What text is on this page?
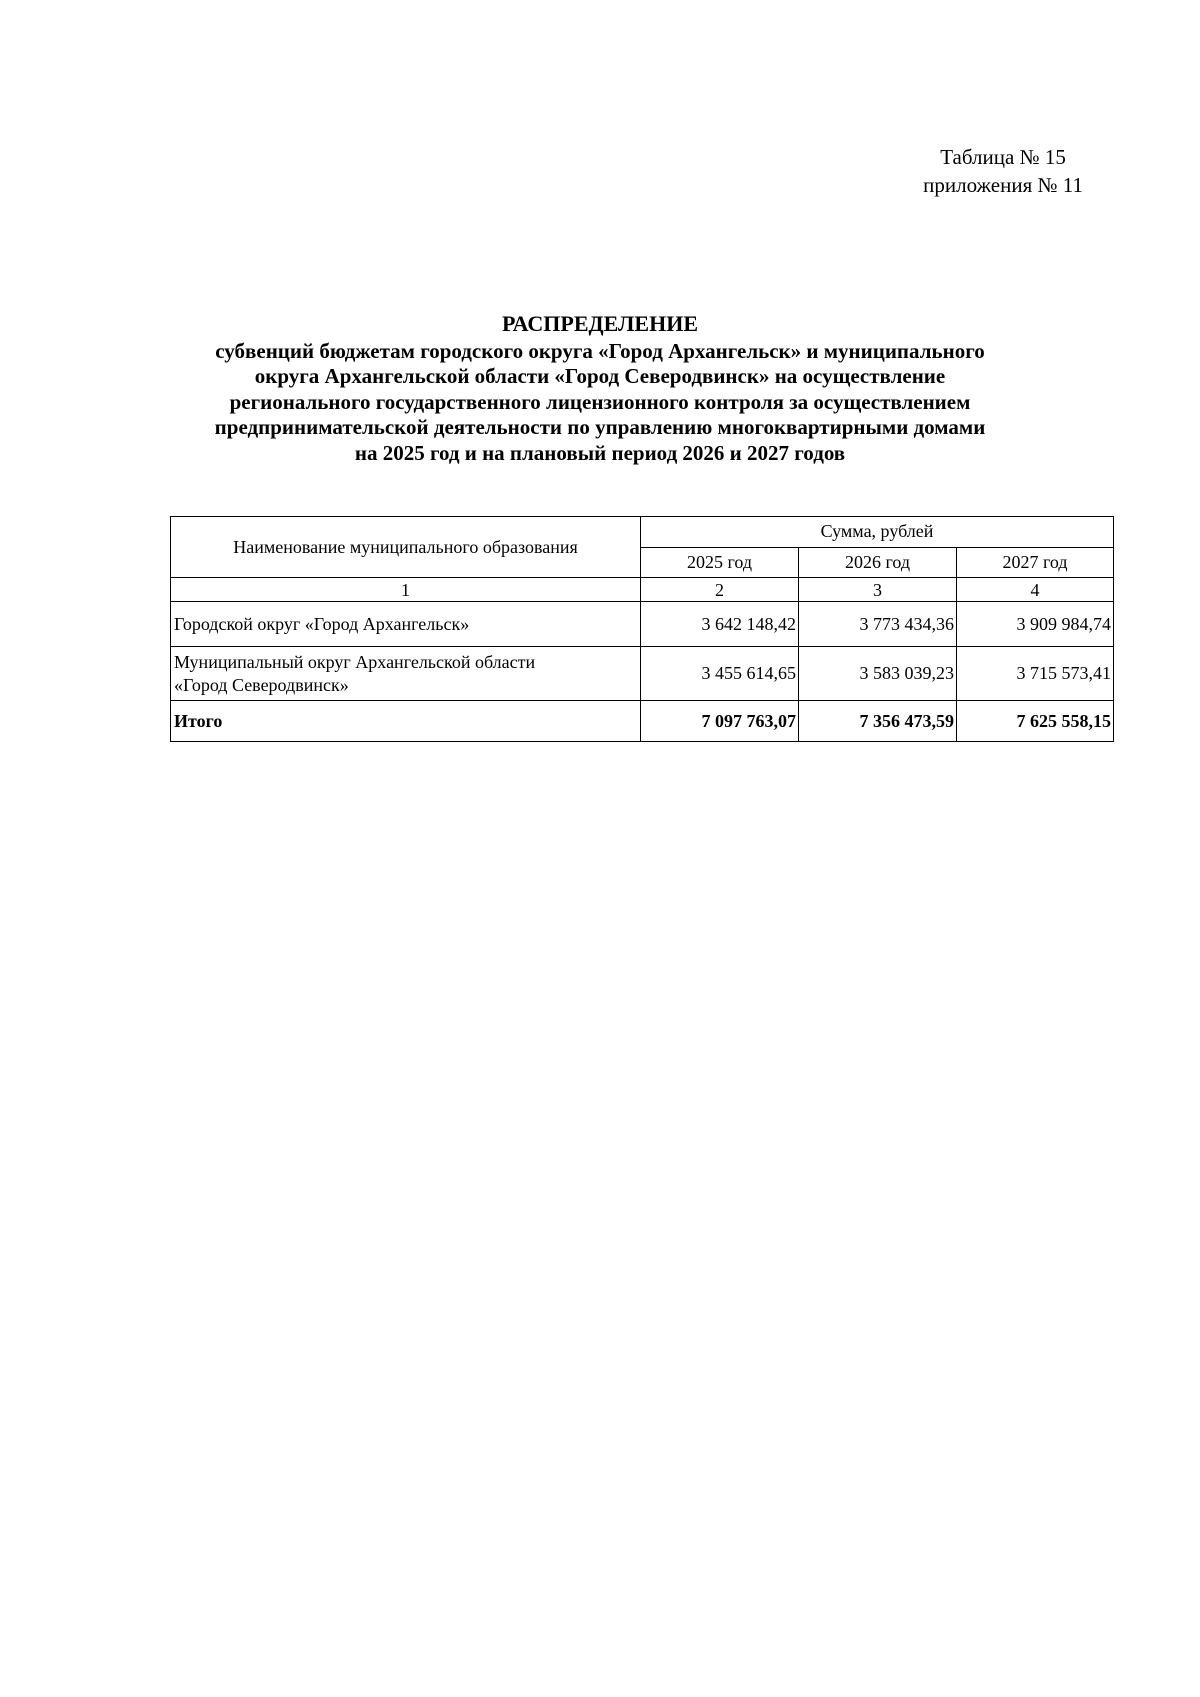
Таблица № 15
приложения № 11
РАСПРЕДЕЛЕНИЕ
субвенций бюджетам городского округа «Город Архангельск» и муниципального
округа Архангельской области «Город Северодвинск» на осуществление
регионального государственного лицензионного контроля за осуществлением
предпринимательской деятельности по управлению многоквартирными домами
на 2025 год и на плановый период 2026 и 2027 годов
Наименование муниципального образования	Сумма, рублей		
	2025 год	2026 год	2027 год
1	2	3	4

Городской округ «Город Архангельск»	3 642 148,42	3 773 434,36	3 909 984,74

Муниципальный округ Архангельской области
«Город Северодвинск»	3 455 614,65	3 583 039,23	3 715 573,41
Итого	7 097 763,07	7 356 473,59	7 625 558,15
